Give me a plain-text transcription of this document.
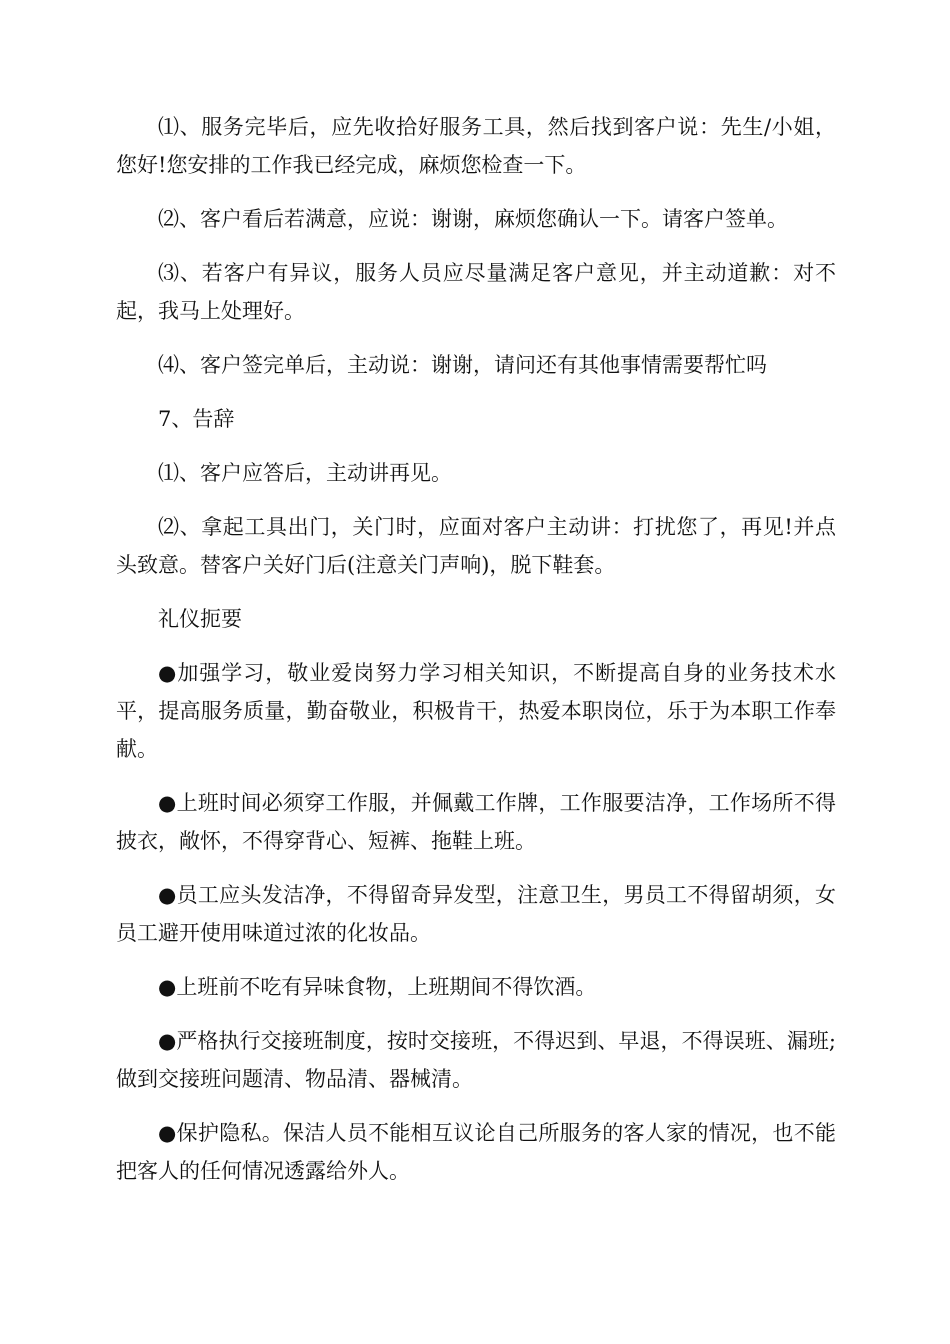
⑴、服务完毕后，应先收拾好服务工具，然后找到客户说：先生/小姐，您好!您安排的工作我已经完成，麻烦您检查一下。

⑵、客户看后若满意，应说：谢谢，麻烦您确认一下。请客户签单。

⑶、若客户有异议，服务人员应尽量满足客户意见，并主动道歉：对不起，我马上处理好。

⑷、客户签完单后，主动说：谢谢，请问还有其他事情需要帮忙吗

7、告辞

⑴、客户应答后，主动讲再见。

⑵、拿起工具出门，关门时，应面对客户主动讲：打扰您了，再见!并点头致意。替客户关好门后(注意关门声响)，脱下鞋套。

礼仪扼要

●加强学习，敬业爱岗努力学习相关知识，不断提高自身的业务技术水平，提高服务质量，勤奋敬业，积极肯干，热爱本职岗位，乐于为本职工作奉献。

●上班时间必须穿工作服，并佩戴工作牌，工作服要洁净，工作场所不得披衣，敞怀，不得穿背心、短裤、拖鞋上班。

●员工应头发洁净，不得留奇异发型，注意卫生，男员工不得留胡须，女员工避开使用味道过浓的化妆品。

●上班前不吃有异味食物，上班期间不得饮酒。

●严格执行交接班制度，按时交接班，不得迟到、早退，不得误班、漏班;做到交接班问题清、物品清、器械清。

●保护隐私。保洁人员不能相互议论自己所服务的客人家的情况，也不能把客人的任何情况透露给外人。
